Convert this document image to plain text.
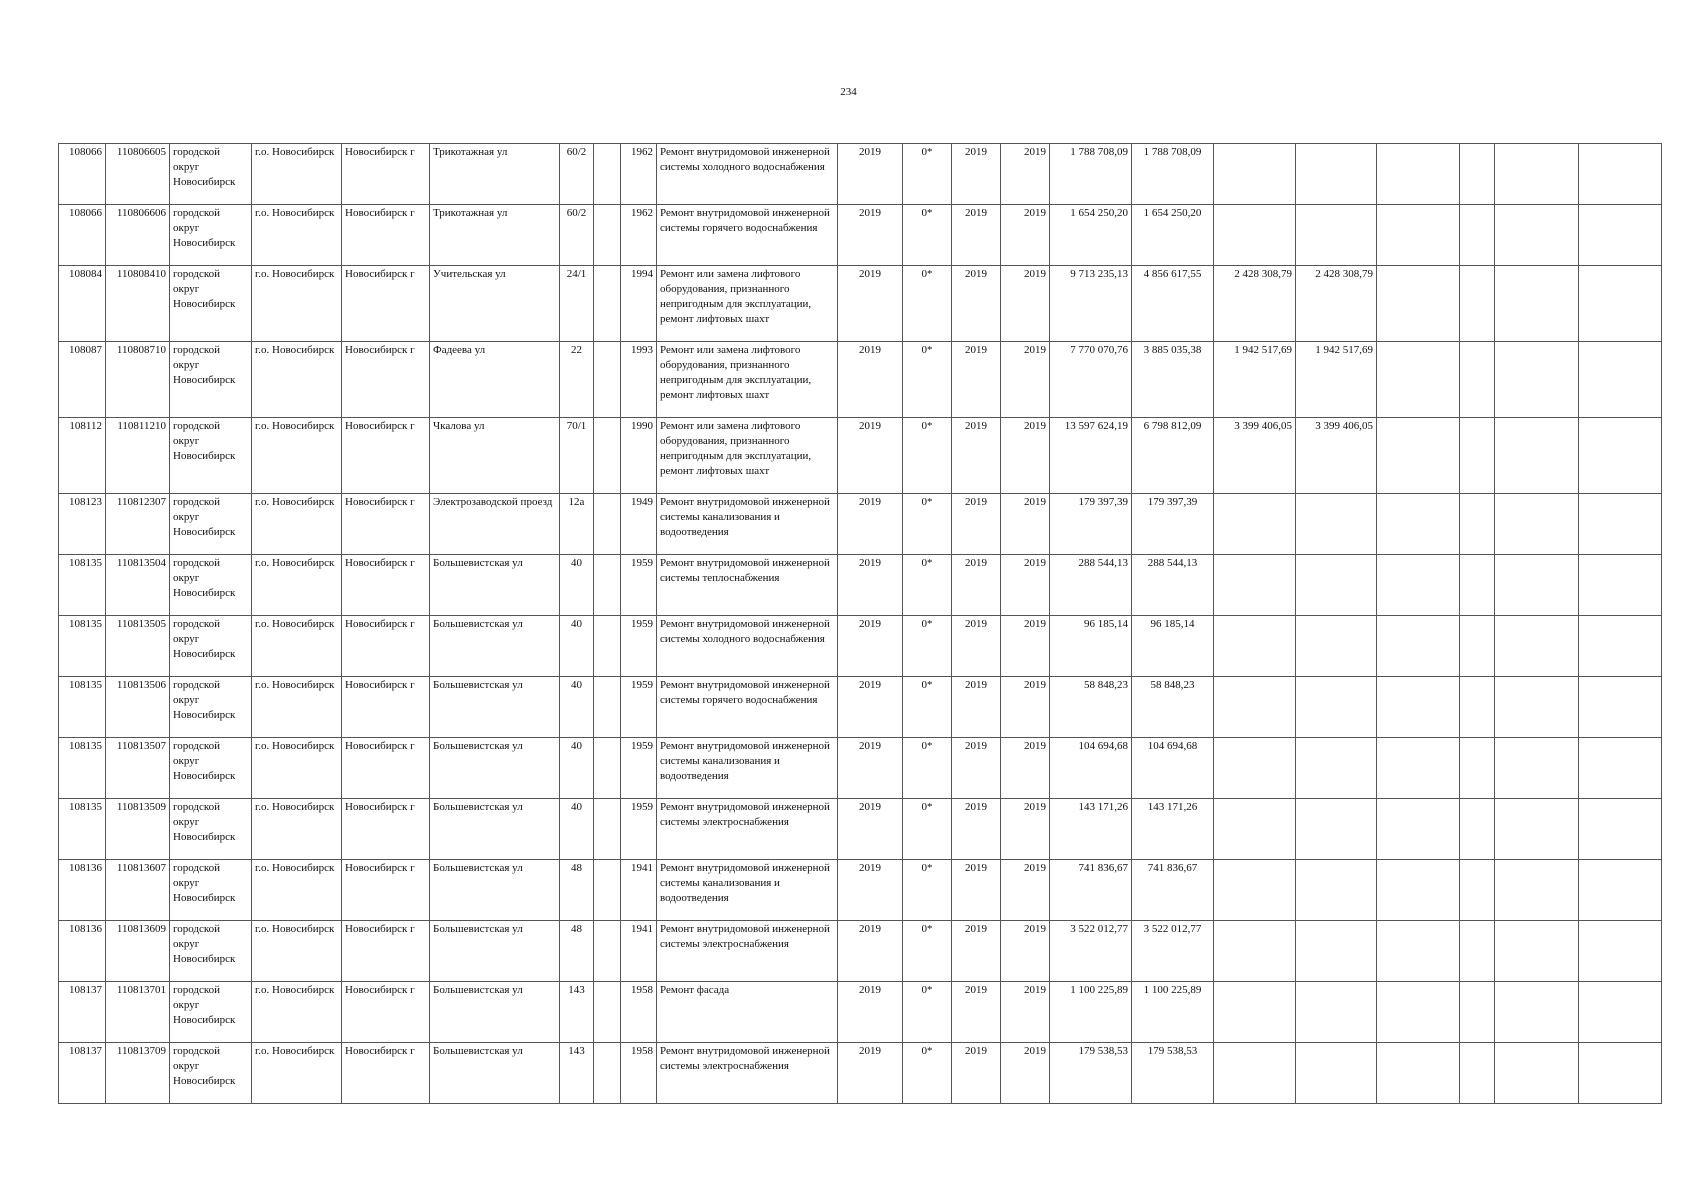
234
108066	110806605	городской округ Новосибирск	г.о. Новосибирск	Новосибирск г	Трикотажная ул	60/2		1962	Ремонт внутридомовой инженерной системы холодного водоснабжения	2019	0*	2019	2019	1 788 708,09	1 788 708,09						
108066	110806606	городской округ Новосибирск	г.о. Новосибирск	Новосибирск г	Трикотажная ул	60/2		1962	Ремонт внутридомовой инженерной системы горячего водоснабжения	2019	0*	2019	2019	1 654 250,20	1 654 250,20						
108084	110808410	городской округ Новосибирск	г.о. Новосибирск	Новосибирск г	Учительская ул	24/1		1994	Ремонт или замена лифтового оборудования, признанного непригодным для эксплуатации, ремонт лифтовых шахт	2019	0*	2019	2019	9 713 235,13	4 856 617,55	2 428 308,79	2 428 308,79				
108087	110808710	городской округ Новосибирск	г.о. Новосибирск	Новосибирск г	Фадеева ул	22		1993	Ремонт или замена лифтового оборудования, признанного непригодным для эксплуатации, ремонт лифтовых шахт	2019	0*	2019	2019	7 770 070,76	3 885 035,38	1 942 517,69	1 942 517,69				
108112	110811210	городской округ Новосибирск	г.о. Новосибирск	Новосибирск г	Чкалова ул	70/1		1990	Ремонт или замена лифтового оборудования, признанного непригодным для эксплуатации, ремонт лифтовых шахт	2019	0*	2019	2019	13 597 624,19	6 798 812,09	3 399 406,05	3 399 406,05				
108123	110812307	городской округ Новосибирск	г.о. Новосибирск	Новосибирск г	Электрозаводской проезд	12а		1949	Ремонт внутридомовой инженерной системы канализования и водоотведения	2019	0*	2019	2019	179 397,39	179 397,39						
108135	110813504	городской округ Новосибирск	г.о. Новосибирск	Новосибирск г	Большевистская ул	40		1959	Ремонт внутридомовой инженерной системы теплоснабжения	2019	0*	2019	2019	288 544,13	288 544,13						
108135	110813505	городской округ Новосибирск	г.о. Новосибирск	Новосибирск г	Большевистская ул	40		1959	Ремонт внутридомовой инженерной системы холодного водоснабжения	2019	0*	2019	2019	96 185,14	96 185,14						
108135	110813506	городской округ Новосибирск	г.о. Новосибирск	Новосибирск г	Большевистская ул	40		1959	Ремонт внутридомовой инженерной системы горячего водоснабжения	2019	0*	2019	2019	58 848,23	58 848,23						
108135	110813507	городской округ Новосибирск	г.о. Новосибирск	Новосибирск г	Большевистская ул	40		1959	Ремонт внутридомовой инженерной системы канализования и водоотведения	2019	0*	2019	2019	104 694,68	104 694,68						
108135	110813509	городской округ Новосибирск	г.о. Новосибирск	Новосибирск г	Большевистская ул	40		1959	Ремонт внутридомовой инженерной системы электроснабжения	2019	0*	2019	2019	143 171,26	143 171,26						
108136	110813607	городской округ Новосибирск	г.о. Новосибирск	Новосибирск г	Большевистская ул	48		1941	Ремонт внутридомовой инженерной системы канализования и водоотведения	2019	0*	2019	2019	741 836,67	741 836,67						
108136	110813609	городской округ Новосибирск	г.о. Новосибирск	Новосибирск г	Большевистская ул	48		1941	Ремонт внутридомовой инженерной системы электроснабжения	2019	0*	2019	2019	3 522 012,77	3 522 012,77						
108137	110813701	городской округ Новосибирск	г.о. Новосибирск	Новосибирск г	Большевистская ул	143		1958	Ремонт фасада	2019	0*	2019	2019	1 100 225,89	1 100 225,89						
108137	110813709	городской округ Новосибирск	г.о. Новосибирск	Новосибирск г	Большевистская ул	143		1958	Ремонт внутридомовой инженерной системы электроснабжения	2019	0*	2019	2019	179 538,53	179 538,53						
